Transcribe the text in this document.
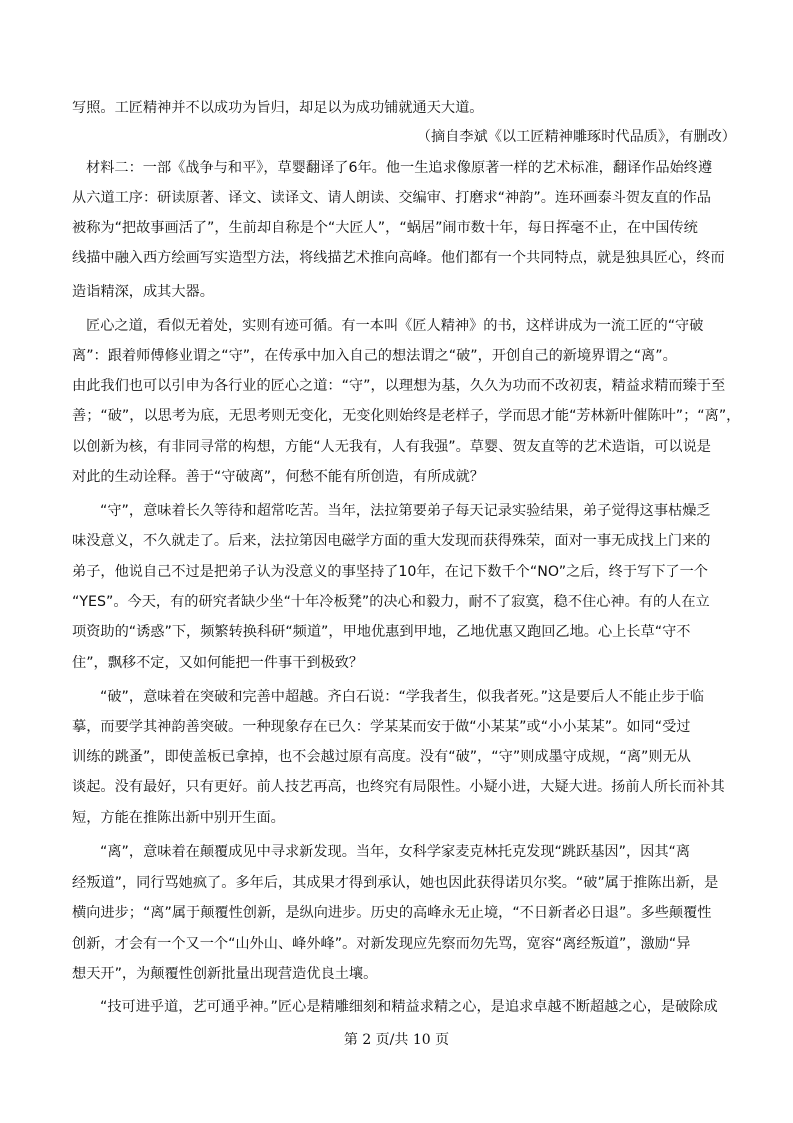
写照。工匠精神并不以成功为旨归，却足以为成功铺就通天大道。
（摘自李斌《以工匠精神雕琢时代品质》，有删改）
材料二：一部《战争与和平》，草婴翻译了6年。他一生追求像原著一样的艺术标准，翻译作品始终遵
从六道工序：研读原著、译文、读译文、请人朗读、交编审、打磨求“神韵”。连环画泰斗贺友直的作品
被称为“把故事画活了”，生前却自称是个“大匠人”，“蜗居”闹市数十年，每日挥毫不止，在中国传统
线描中融入西方绘画写实造型方法，将线描艺术推向高峰。他们都有一个共同特点，就是独具匠心，终而
造诣精深，成其大器。
匠心之道，看似无着处，实则有迹可循。有一本叫《匠人精神》的书，这样讲成为一流工匠的“守破
离”：跟着师傅修业谓之“守”，在传承中加入自己的想法谓之“破”，开创自己的新境界谓之“离”。
由此我们也可以引申为各行业的匠心之道：“守”，以理想为基，久久为功而不改初衷，精益求精而臻于至
善；“破”，以思考为底，无思考则无变化，无变化则始终是老样子，学而思才能“芳林新叶催陈叶”；“离”，
以创新为核，有非同寻常的构想，方能“人无我有，人有我强”。草婴、贺友直等的艺术造诣，可以说是
对此的生动诠释。善于“守破离”，何愁不能有所创造，有所成就？
“守”，意味着长久等待和超常吃苦。当年，法拉第要弟子每天记录实验结果，弟子觉得这事枯燥乏
味没意义，不久就走了。后来，法拉第因电磁学方面的重大发现而获得殊荣，面对一事无成找上门来的
弟子，他说自己不过是把弟子认为没意义的事坚持了10年，在记下数千个“NO”之后，终于写下了一个
“YES”。今天，有的研究者缺少坐“十年冷板凳”的决心和毅力，耐不了寂寞，稳不住心神。有的人在立
项资助的“诱惑”下，频繁转换科研“频道”，甲地优惠到甲地，乙地优惠又跑回乙地。心上长草“守不
住”，飘移不定，又如何能把一件事干到极致？
“破”，意味着在突破和完善中超越。齐白石说：“学我者生，似我者死。”这是要后人不能止步于临
摹，而要学其神韵善突破。一种现象存在已久：学某某而安于做“小某某”或“小小某某”。如同“受过
训练的跳蚤”，即使盖板已拿掉，也不会越过原有高度。没有“破”，“守”则成墨守成规，“离”则无从
谈起。没有最好，只有更好。前人技艺再高，也终究有局限性。小疑小进，大疑大进。扬前人所长而补其
短，方能在推陈出新中别开生面。
“离”，意味着在颠覆成见中寻求新发现。当年，女科学家麦克林托克发现“跳跃基因”，因其“离
经叛道”，同行骂她疯了。多年后，其成果才得到承认，她也因此获得诺贝尔奖。“破”属于推陈出新，是
横向进步；“离”属于颠覆性创新，是纵向进步。历史的高峰永无止境，“不日新者必日退”。多些颠覆性
创新，才会有一个又一个“山外山、峰外峰”。对新发现应先察而勿先骂，宽容“离经叛道”，激励“异
想天开”，为颠覆性创新批量出现营造优良土壤。
“技可进乎道，艺可通乎神。”匠心是精雕细刻和精益求精之心，是追求卓越不断超越之心，是破除成
第 2 页/共 10 页
